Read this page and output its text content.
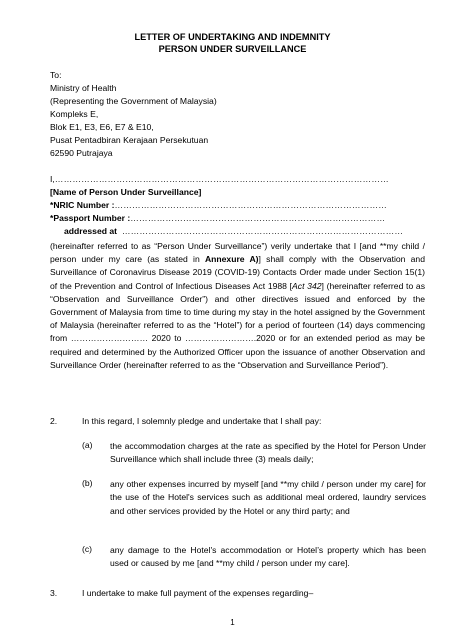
LETTER OF UNDERTAKING AND INDEMNITY
PERSON UNDER SURVEILLANCE
To:
Ministry of Health
(Representing the Government of Malaysia)
Kompleks E,
Blok E1, E3, E6, E7 & E10,
Pusat Pentadbiran Kerajaan Persekutuan
62590 Putrajaya
I,……………………………………………………………………………………………………
[Name of Person Under Surveillance]
*NRIC Number :…………………………………………………………………………………
*Passport Number :……………………………………………………………………………
addressed at ……………………………………………………………………………………
(hereinafter referred to as “Person Under Surveillance”) verily undertake that I [and **my child / person under my care (as stated in Annexure A)] shall comply with the Observation and Surveillance of Coronavirus Disease 2019 (COVID-19) Contacts Order made under Section 15(1) of the Prevention and Control of Infectious Diseases Act 1988 [Act 342] (hereinafter referred to as “Observation and Surveillance Order”) and other directives issued and enforced by the Government of Malaysia from time to time during my stay in the hotel assigned by the Government of Malaysia (hereinafter referred to as the “Hotel”) for a period of fourteen (14) days commencing from ……………………… 2020 to …………………….2020 or for an extended period as may be required and determined by the Authorized Officer upon the issuance of another Observation and Surveillance Order (hereinafter referred to as the “Observation and Surveillance Period”).
2.	In this regard, I solemnly pledge and undertake that I shall pay:
(a) the accommodation charges at the rate as specified by the Hotel for Person Under Surveillance which shall include three (3) meals daily;
(b) any other expenses incurred by myself [and **my child / person under my care] for the use of the Hotel's services such as additional meal ordered, laundry services and other services provided by the Hotel or any third party; and
(c) any damage to the Hotel's accommodation or Hotel’s property which has been used or caused by me [and **my child / person under my care].
3.	I undertake to make full payment of the expenses regarding–
1
